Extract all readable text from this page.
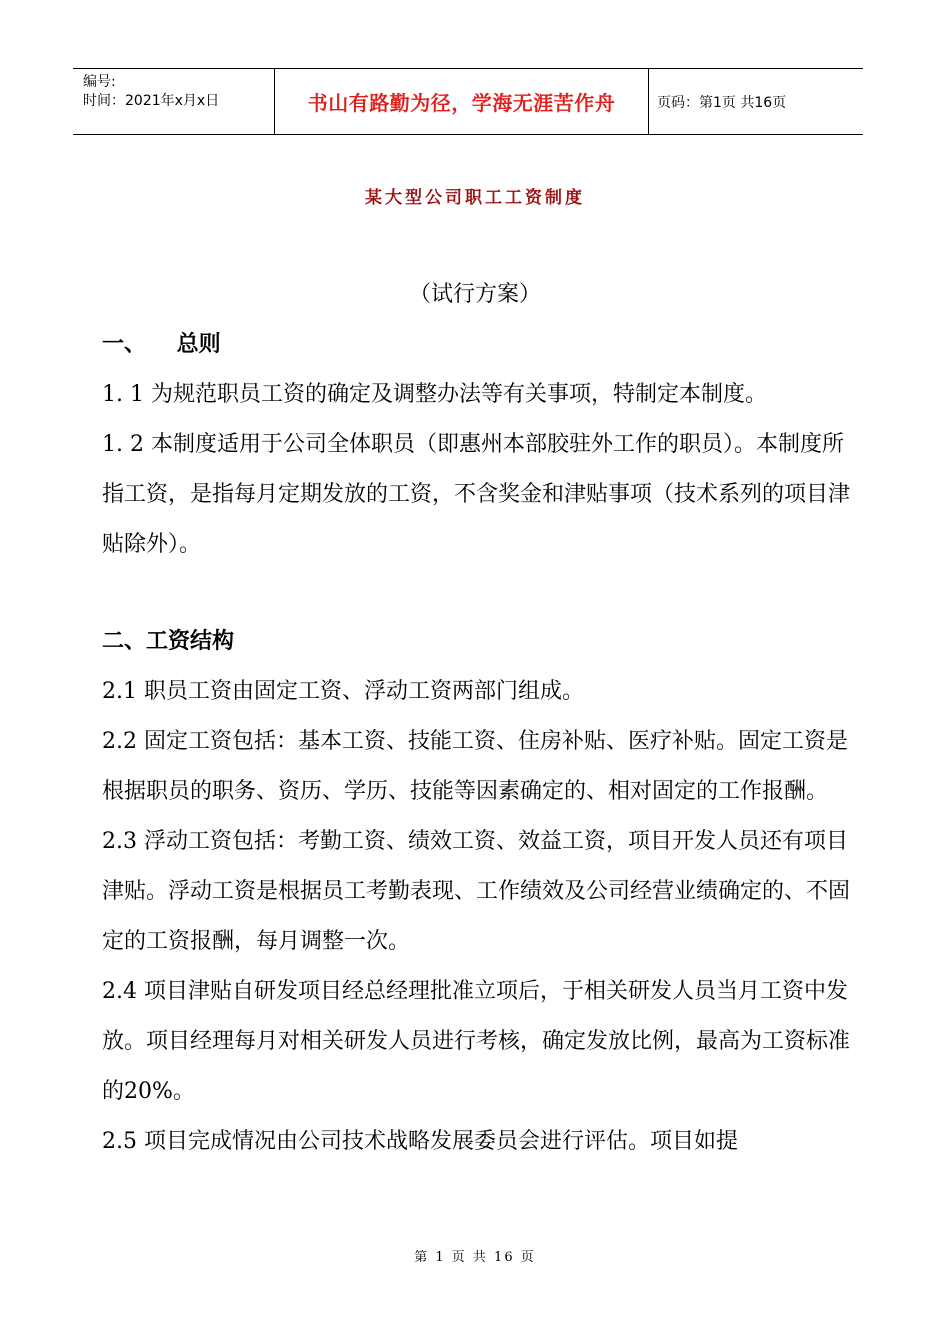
编号:
时间：2021年x月x日	书山有路勤为径，学海无涯苦作舟	页码：第1页 共16页
某大型公司职工工资制度
（试行方案）
一、    总则

1. 1 为规范职员工资的确定及调整办法等有关事项，特制定本制度。

1. 2 本制度适用于公司全体职员（即惠州本部胶驻外工作的职员）。本制度所指工资，是指每月定期发放的工资，不含奖金和津贴事项（技术系列的项目津贴除外）。

二、工资结构

2.1 职员工资由固定工资、浮动工资两部门组成。

2.2 固定工资包括：基本工资、技能工资、住房补贴、医疗补贴。固定工资是根据职员的职务、资历、学历、技能等因素确定的、相对固定的工作报酬。

2.3 浮动工资包括：考勤工资、绩效工资、效益工资，项目开发人员还有项目津贴。浮动工资是根据员工考勤表现、工作绩效及公司经营业绩确定的、不固定的工资报酬，每月调整一次。

2.4 项目津贴自研发项目经总经理批准立项后，于相关研发人员当月工资中发放。项目经理每月对相关研发人员进行考核，确定发放比例，最高为工资标准的20%。

2.5 项目完成情况由公司技术战略发展委员会进行评估。项目如提

第 1 页 共 16 页
